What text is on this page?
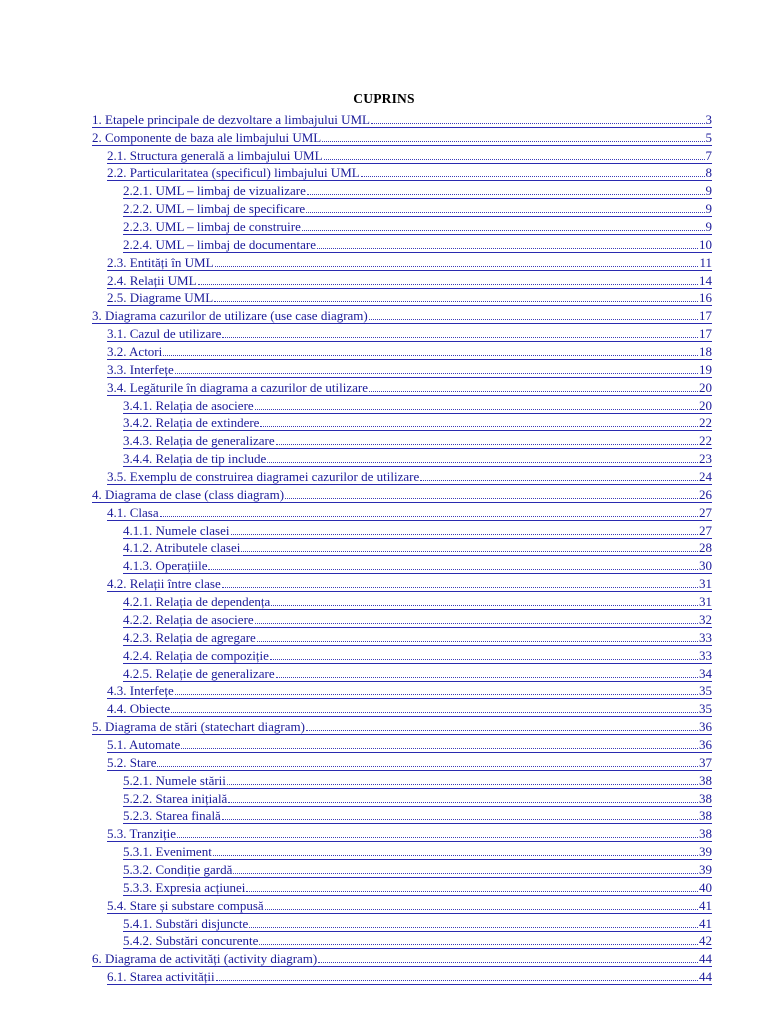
CUPRINS
1. Etapele principale de dezvoltare a limbajului UML	3
2. Componente de baza ale limbajului UML	5
2.1. Structura generală a limbajului UML	7
2.2. Particularitatea (specificul) limbajului UML	8
2.2.1. UML – limbaj de vizualizare	9
2.2.2. UML – limbaj de specificare	9
2.2.3. UML – limbaj de construire	9
2.2.4. UML – limbaj de documentare	10
2.3. Entități în UML	11
2.4. Relații UML	14
2.5. Diagrame UML	16
3. Diagrama cazurilor de utilizare (use case diagram)	17
3.1. Cazul de utilizare	17
3.2. Actori	18
3.3. Interfețe	19
3.4. Legăturile în diagrama a cazurilor de utilizare	20
3.4.1. Relația de asociere	20
3.4.2. Relația de extindere	22
3.4.3. Relația de generalizare	22
3.4.4. Relația de tip include	23
3.5. Exemplu de construirea diagramei cazurilor de utilizare	24
4. Diagrama de clase (class diagram)	26
4.1. Clasa	27
4.1.1. Numele clasei	27
4.1.2. Atributele clasei	28
4.1.3. Operațiile	30
4.2. Relații între clase	31
4.2.1. Relația de dependența	31
4.2.2. Relația de asociere	32
4.2.3. Relația de agregare	33
4.2.4. Relația de compoziție	33
4.2.5. Relație de generalizare	34
4.3. Interfețe	35
4.4. Obiecte	35
5. Diagrama de stări (statechart diagram)	36
5.1. Automate	36
5.2. Stare	37
5.2.1. Numele stării	38
5.2.2. Starea inițială	38
5.2.3. Starea finală	38
5.3. Tranziție	38
5.3.1. Eveniment	39
5.3.2. Condiție gardă	39
5.3.3. Expresia acțiunei	40
5.4. Stare și substare compusă	41
5.4.1. Substări disjuncte	41
5.4.2. Substări concurente	42
6. Diagrama de activități (activity diagram)	44
6.1. Starea activității	44
